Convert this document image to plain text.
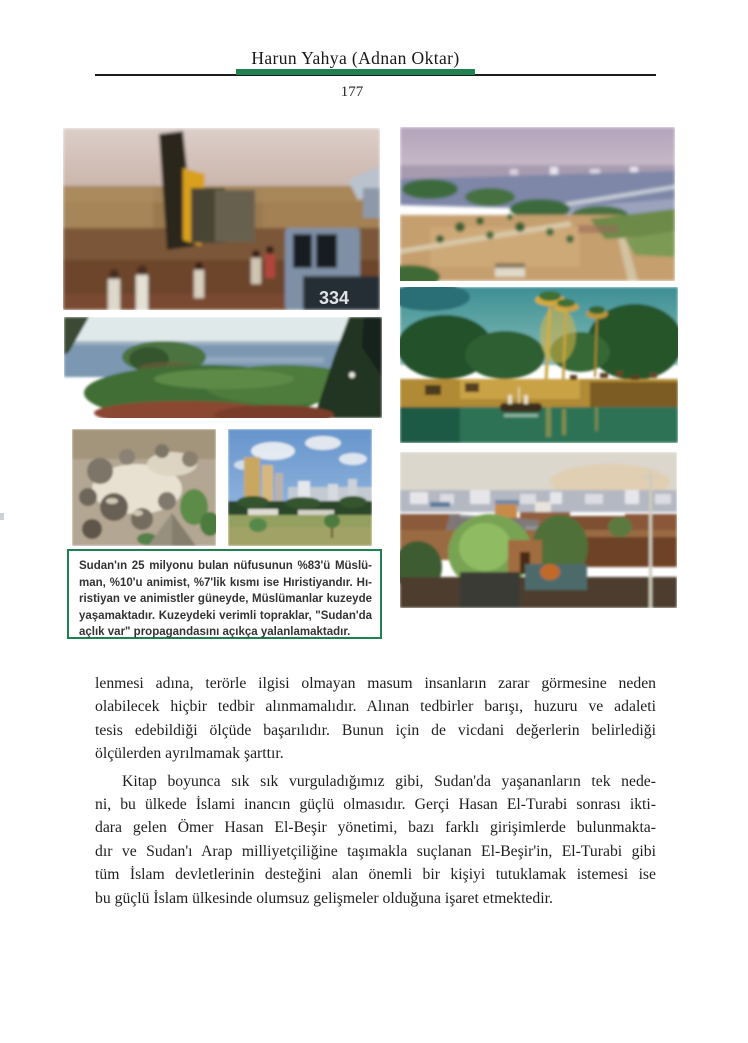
Harun Yahya (Adnan Oktar)
177
334
Sudan'ın 25 milyonu bulan nüfusunun %83'ü Müslü-
man, %10'u animist, %7'lik kısmı ise Hıristiyandır. Hı-
ristiyan ve animistler güneyde, Müslümanlar kuzeyde
yaşamaktadır. Kuzeydeki verimli topraklar, "Sudan'da
açlık var" propagandasını açıkça yalanlamaktadır.
lenmesi adına, terörle ilgisi olmayan masum insanların zarar görmesine neden
olabilecek hiçbir tedbir alınmamalıdır. Alınan tedbirler barışı, huzuru ve adaleti
tesis edebildiği ölçüde başarılıdır. Bunun için de vicdani değerlerin belirlediği
ölçülerden ayrılmamak şarttır.
Kitap boyunca sık sık vurguladığımız gibi, Sudan'da yaşananların tek nede-
ni, bu ülkede İslami inancın güçlü olmasıdır. Gerçi Hasan El-Turabi sonrası ikti-
dara gelen Ömer Hasan El-Beşir yönetimi, bazı farklı girişimlerde bulunmakta-
dır ve Sudan'ı Arap milliyetçiliğine taşımakla suçlanan El-Beşir'in, El-Turabi gibi
tüm İslam devletlerinin desteğini alan önemli bir kişiyi tutuklamak istemesi ise
bu güçlü İslam ülkesinde olumsuz gelişmeler olduğuna işaret etmektedir.
